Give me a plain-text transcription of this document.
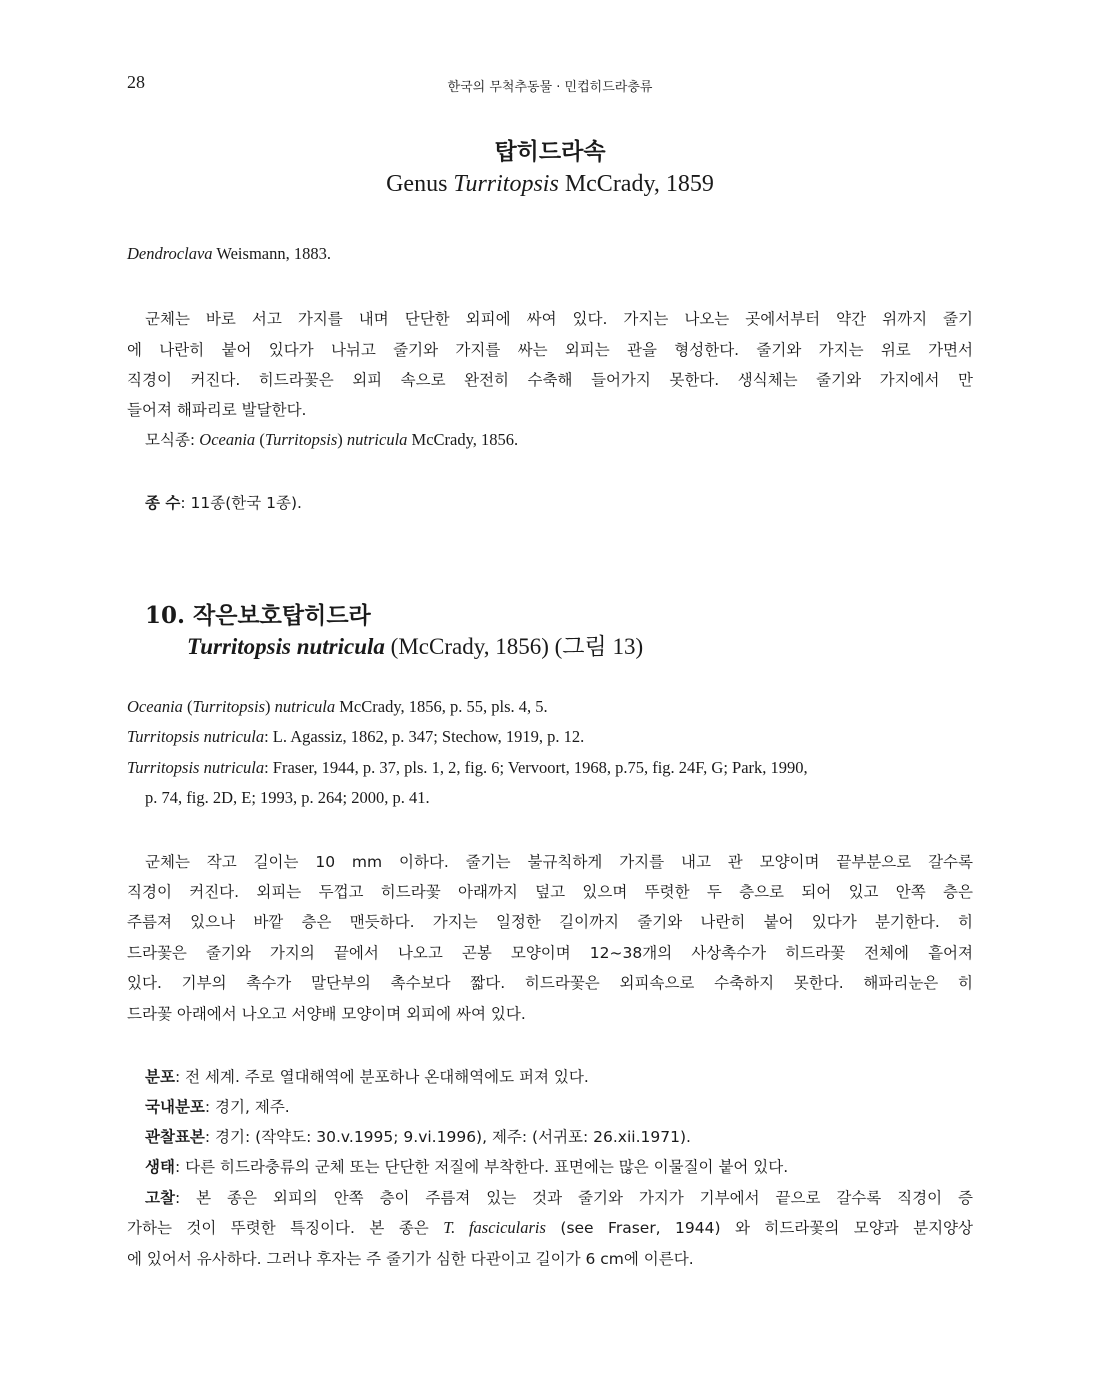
28	한국의 무척추동물 · 민컵히드라충류
탑히드라속
Genus Turritopsis McCrady, 1859
Dendroclava Weismann, 1883.
군체는 바로 서고 가지를 내며 단단한 외피에 싸여 있다. 가지는 나오는 곳에서부터 약간 위까지 줄기
에 나란히 붙어 있다가 나뉘고 줄기와 가지를 싸는 외피는 관을 형성한다. 줄기와 가지는 위로 가면서
직경이 커진다. 히드라꽃은 외피 속으로 완전히 수축해 들어가지 못한다. 생식체는 줄기와 가지에서 만
들어져 해파리로 발달한다.
모식종: Oceania (Turritopsis) nutricula McCrady, 1856.
종 수: 11종(한국 1종).
10. 작은보호탑히드라
Turritopsis nutricula (McCrady, 1856) (그림 13)
Oceania (Turritopsis) nutricula McCrady, 1856, p. 55, pls. 4, 5.
Turritopsis nutricula: L. Agassiz, 1862, p. 347; Stechow, 1919, p. 12.
Turritopsis nutricula: Fraser, 1944, p. 37, pls. 1, 2, fig. 6; Vervoort, 1968, p.75, fig. 24F, G; Park, 1990,
p. 74, fig. 2D, E; 1993, p. 264; 2000, p. 41.
군체는 작고 길이는 10 mm 이하다. 줄기는 불규칙하게 가지를 내고 관 모양이며 끝부분으로 갈수록
직경이 커진다. 외피는 두껍고 히드라꽃 아래까지 덮고 있으며 뚜렷한 두 층으로 되어 있고 안쪽 층은
주름져 있으나 바깥 층은 맨듯하다. 가지는 일정한 길이까지 줄기와 나란히 붙어 있다가 분기한다. 히
드라꽃은 줄기와 가지의 끝에서 나오고 곤봉 모양이며 12~38개의 사상촉수가 히드라꽃 전체에 흩어져
있다. 기부의 촉수가 말단부의 촉수보다 짧다. 히드라꽃은 외피속으로 수축하지 못한다. 해파리눈은 히
드라꽃 아래에서 나오고 서양배 모양이며 외피에 싸여 있다.
분포: 전 세계. 주로 열대해역에 분포하나 온대해역에도 퍼져 있다.
국내분포: 경기, 제주.
관찰표본: 경기: (작약도: 30.v.1995; 9.vi.1996), 제주: (서귀포: 26.xii.1971).
생태: 다른 히드라충류의 군체 또는 단단한 저질에 부착한다. 표면에는 많은 이물질이 붙어 있다.
고찰: 본 종은 외피의 안쪽 층이 주름져 있는 것과 줄기와 가지가 기부에서 끝으로 갈수록 직경이 증
가하는 것이 뚜렷한 특징이다. 본 종은 T. fascicularis (see Fraser, 1944) 와 히드라꽃의 모양과 분지양상
에 있어서 유사하다. 그러나 후자는 주 줄기가 심한 다관이고 길이가 6 cm에 이른다.
